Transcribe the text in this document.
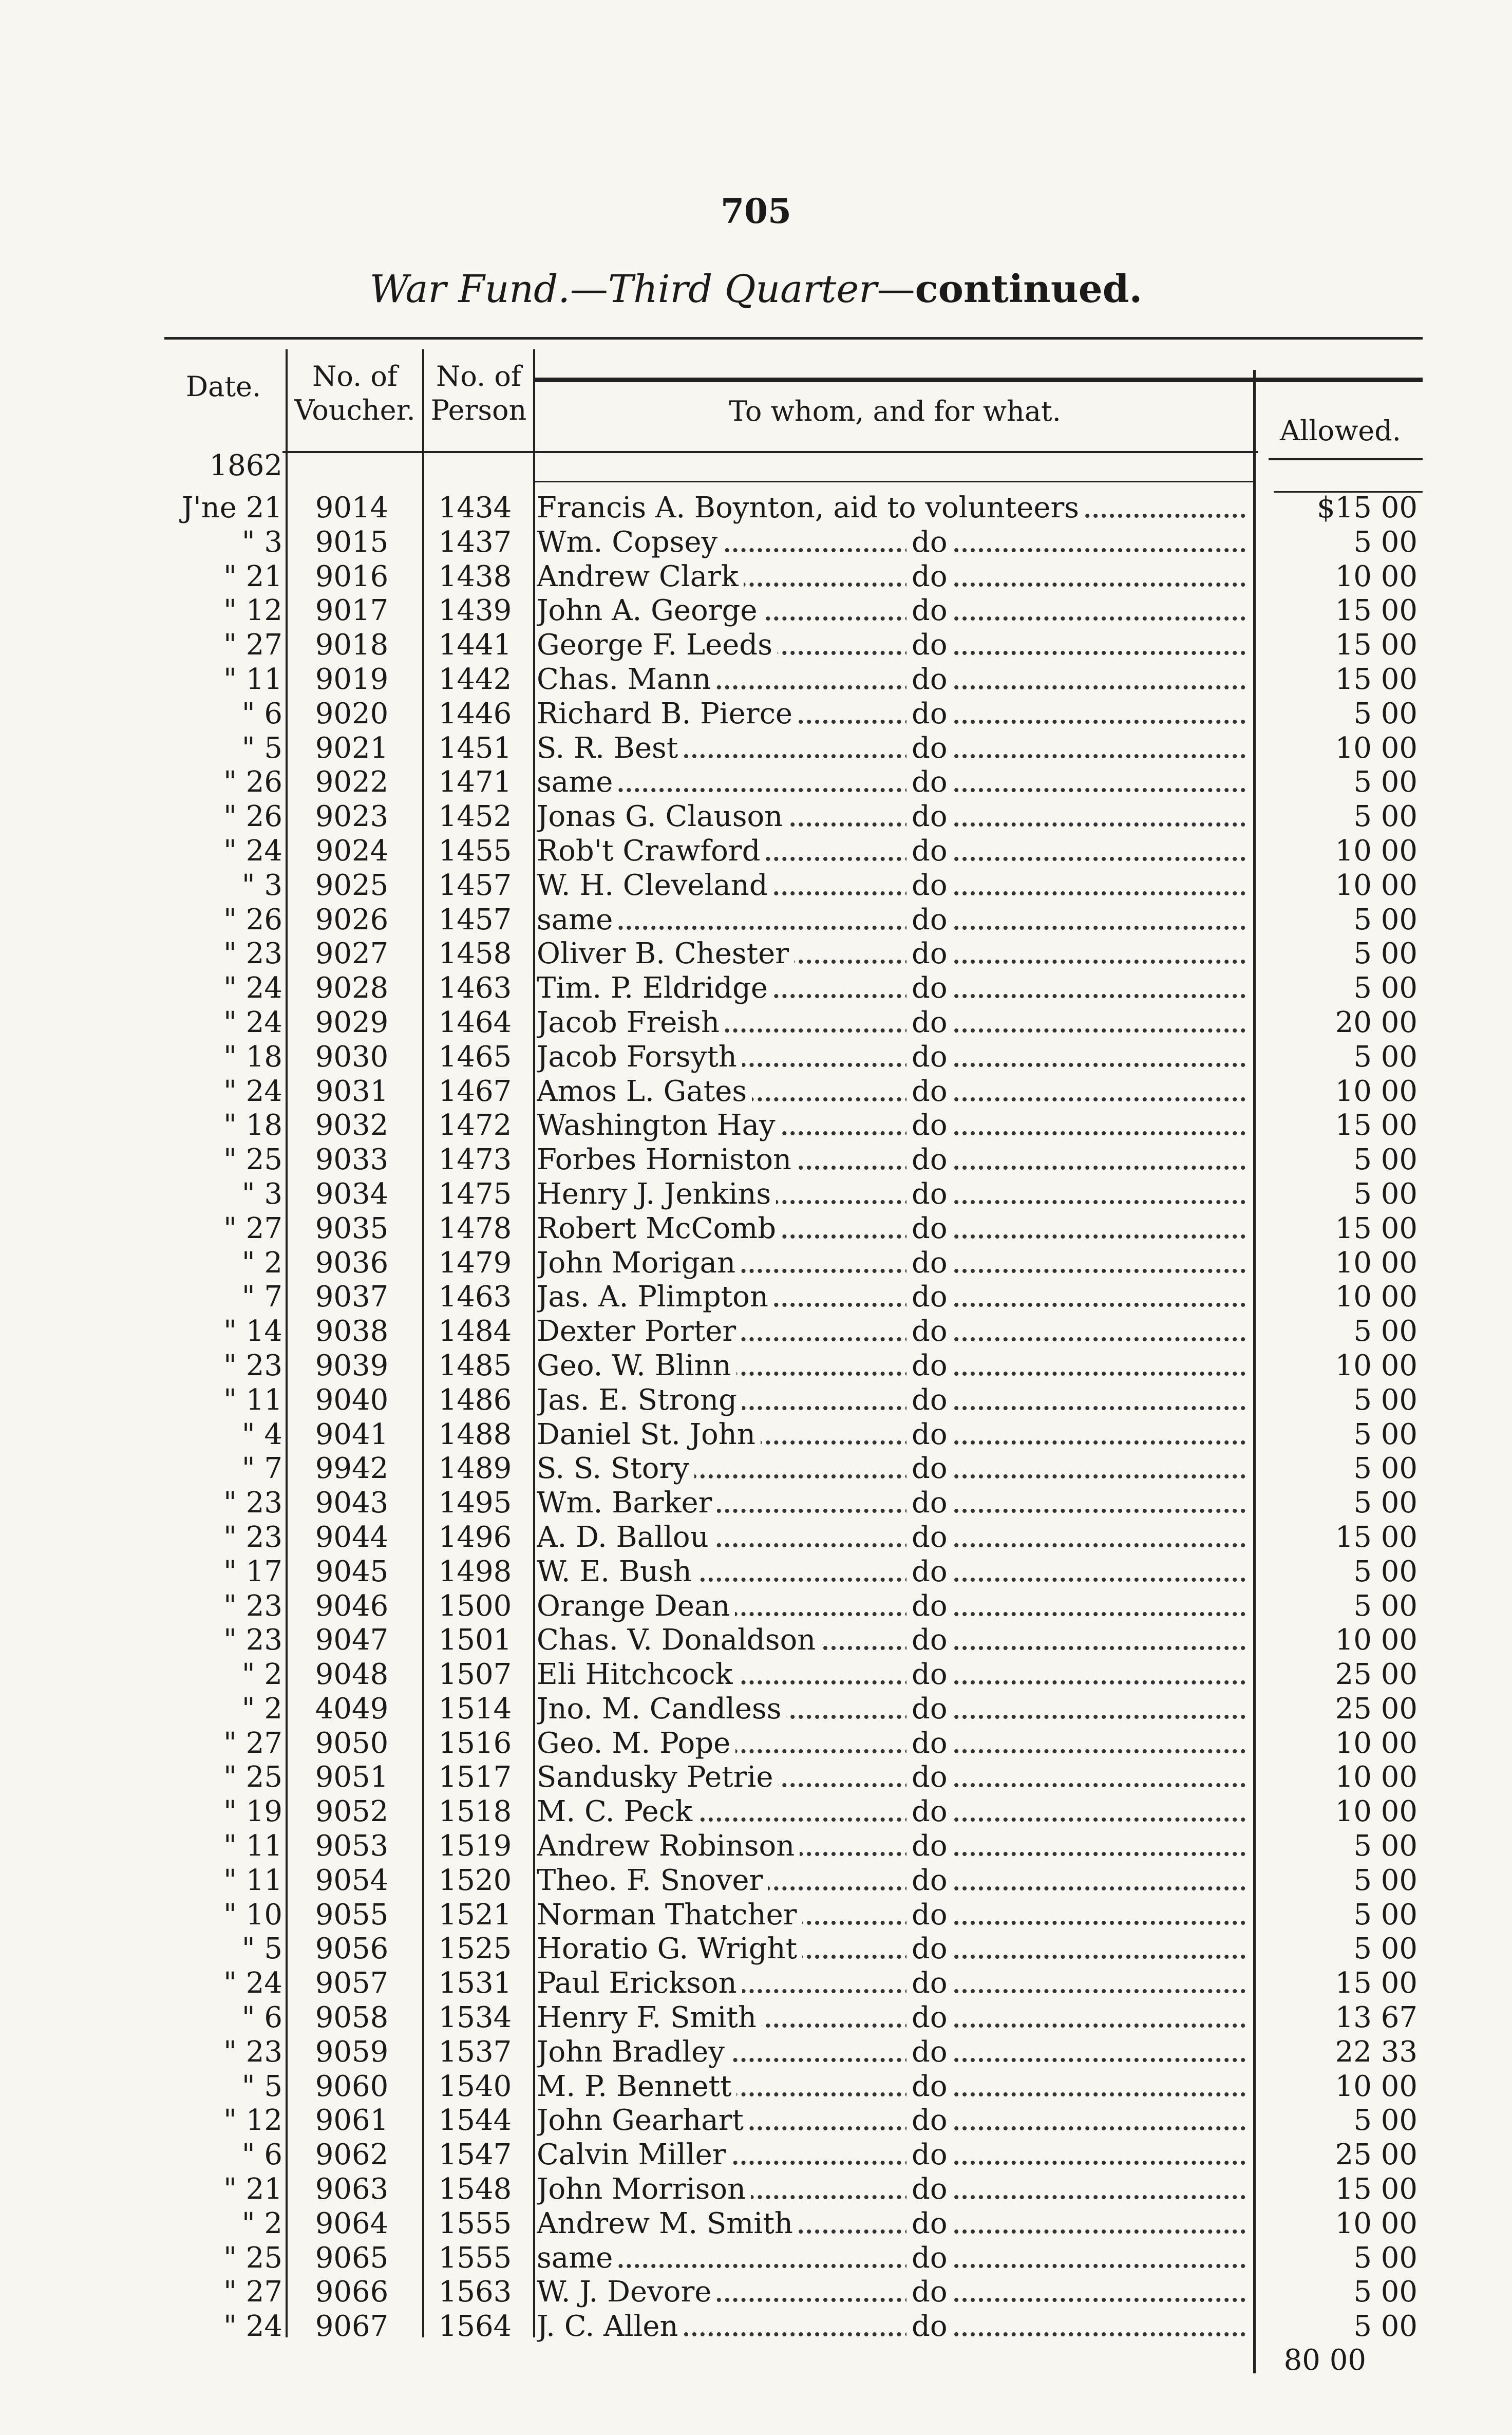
705
War Fund.—Third Quarter—continued.
Date.	No. of
Voucher.
No. of
Person	To whom, and for what.
Allowed.
1862
J'ne 21	9014	1434 Francis A. Boynton, aid to volunteers	$15 00
" 3	9015	1437 Wm. Copsey	do	5 00
" 21	9016	1438 Andrew Clark	do	10 00
" 12	9017	1439 John A. George	do	15 00
" 27	9018	1441 George F. Leeds	do	15 00
" 11	9019	1442 Chas. Mann	do	15 00
" 6	9020	1446 Richard B. Pierce	do	5 00
" 5	9021	1451 S. R. Best	do	10 00
" 26	9022	1471 same	do	5 00
" 26	9023	1452 Jonas G. Clauson	do	5 00
" 24	9024	1455 Rob't Crawford	do	10 00
" 3	9025	1457 W. H. Cleveland	do	10 00
" 26	9026	1457 same	do	5 00
" 23	9027	1458 Oliver B. Chester	do	5 00
" 24	9028	1463 Tim. P. Eldridge	do	5 00
" 24	9029	1464 Jacob Freish	do	20 00
" 18	9030	1465 Jacob Forsyth	do	5 00
" 24	9031	1467 Amos L. Gates	do	10 00
" 18	9032	1472 Washington Hay	do	15 00
" 25	9033	1473 Forbes Horniston	do	5 00
" 3	9034	1475 Henry J. Jenkins	do	5 00
" 27	9035	1478 Robert McComb	do	15 00
" 2	9036	1479 John Morigan	do	10 00
" 7	9037	1463 Jas. A. Plimpton	do	10 00
" 14	9038	1484 Dexter Porter	do	5 00
" 23	9039	1485 Geo. W. Blinn	do	10 00
" 11	9040	1486 Jas. E. Strong	do	5 00
" 4	9041	1488 Daniel St. John	do	5 00
" 7	9942	1489 S. S. Story	do	5 00
" 23	9043	1495 Wm. Barker	do	5 00
" 23	9044	1496 A. D. Ballou	do	15 00
" 17	9045	1498 W. E. Bush	do	5 00
" 23	9046	1500 Orange Dean	do	5 00
" 23	9047	1501 Chas. V. Donaldson	do	10 00
" 2	9048	1507 Eli Hitchcock	do	25 00
" 2	4049	1514 Jno. M. Candless	do	25 00
" 27	9050	1516 Geo. M. Pope	do	10 00
" 25	9051	1517 Sandusky Petrie	do	10 00
" 19	9052	1518 M. C. Peck	do	10 00
" 11	9053	1519 Andrew Robinson	do	5 00
" 11	9054	1520 Theo. F. Snover	do	5 00
" 10	9055	1521 Norman Thatcher	do	5 00
" 5	9056	1525 Horatio G. Wright	do	5 00
" 24	9057	1531 Paul Erickson	do	15 00
" 6	9058	1534 Henry F. Smith	do	13 67
" 23	9059	1537 John Bradley	do	22 33
" 5	9060	1540 M. P. Bennett	do	10 00
" 12	9061	1544 John Gearhart	do	5 00
" 6	9062	1547 Calvin Miller	do	25 00
" 21	9063	1548 John Morrison	do	15 00
" 2	9064	1555 Andrew M. Smith	do	10 00
" 25	9065	1555 same	do	5 00
" 27	9066	1563 W. J. Devore	do	5 00
" 24	9067	1564 J. C. Allen	do	5 00
80 00
